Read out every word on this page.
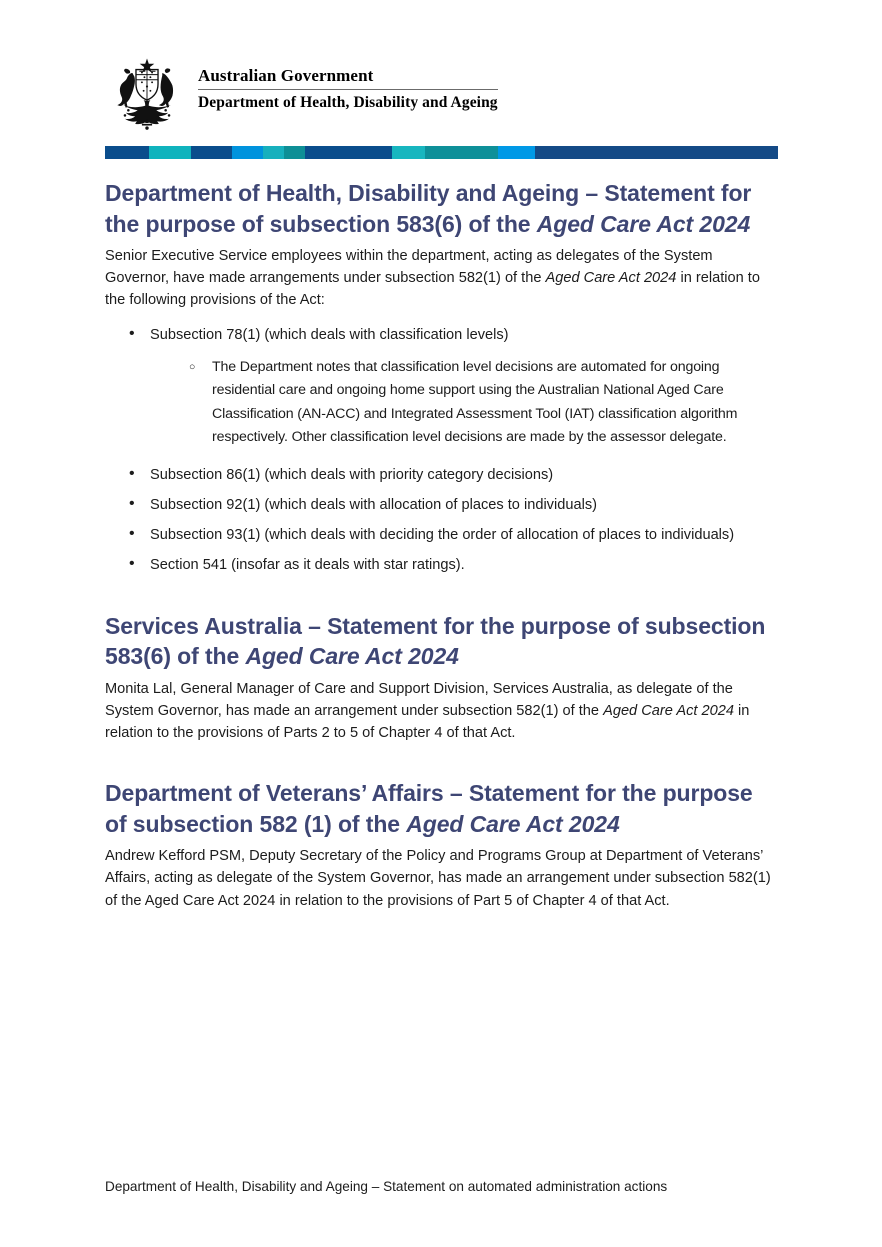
Australian Government
Department of Health, Disability and Ageing
Department of Health, Disability and Ageing – Statement for the purpose of subsection 583(6) of the Aged Care Act 2024

Senior Executive Service employees within the department, acting as delegates of the System Governor, have made arrangements under subsection 582(1) of the Aged Care Act 2024 in relation to the following provisions of the Act:

• Subsection 78(1) (which deals with classification levels)
○ The Department notes that classification level decisions are automated for ongoing residential care and ongoing home support using the Australian National Aged Care Classification (AN-ACC) and Integrated Assessment Tool (IAT) classification algorithm respectively. Other classification level decisions are made by the assessor delegate.
• Subsection 86(1) (which deals with priority category decisions)
• Subsection 92(1) (which deals with allocation of places to individuals)
• Subsection 93(1) (which deals with deciding the order of allocation of places to individuals)
• Section 541 (insofar as it deals with star ratings).
Services Australia – Statement for the purpose of subsection 583(6) of the Aged Care Act 2024

Monita Lal, General Manager of Care and Support Division, Services Australia, as delegate of the System Governor, has made an arrangement under subsection 582(1) of the Aged Care Act 2024 in relation to the provisions of Parts 2 to 5 of Chapter 4 of that Act.

Department of Veterans’ Affairs – Statement for the purpose of subsection 582 (1) of the Aged Care Act 2024

Andrew Kefford PSM, Deputy Secretary of the Policy and Programs Group at Department of Veterans’ Affairs, acting as delegate of the System Governor, has made an arrangement under subsection 582(1) of the Aged Care Act 2024 in relation to the provisions of Part 5 of Chapter 4 of that Act.

Department of Health, Disability and Ageing – Statement on automated administration actions
